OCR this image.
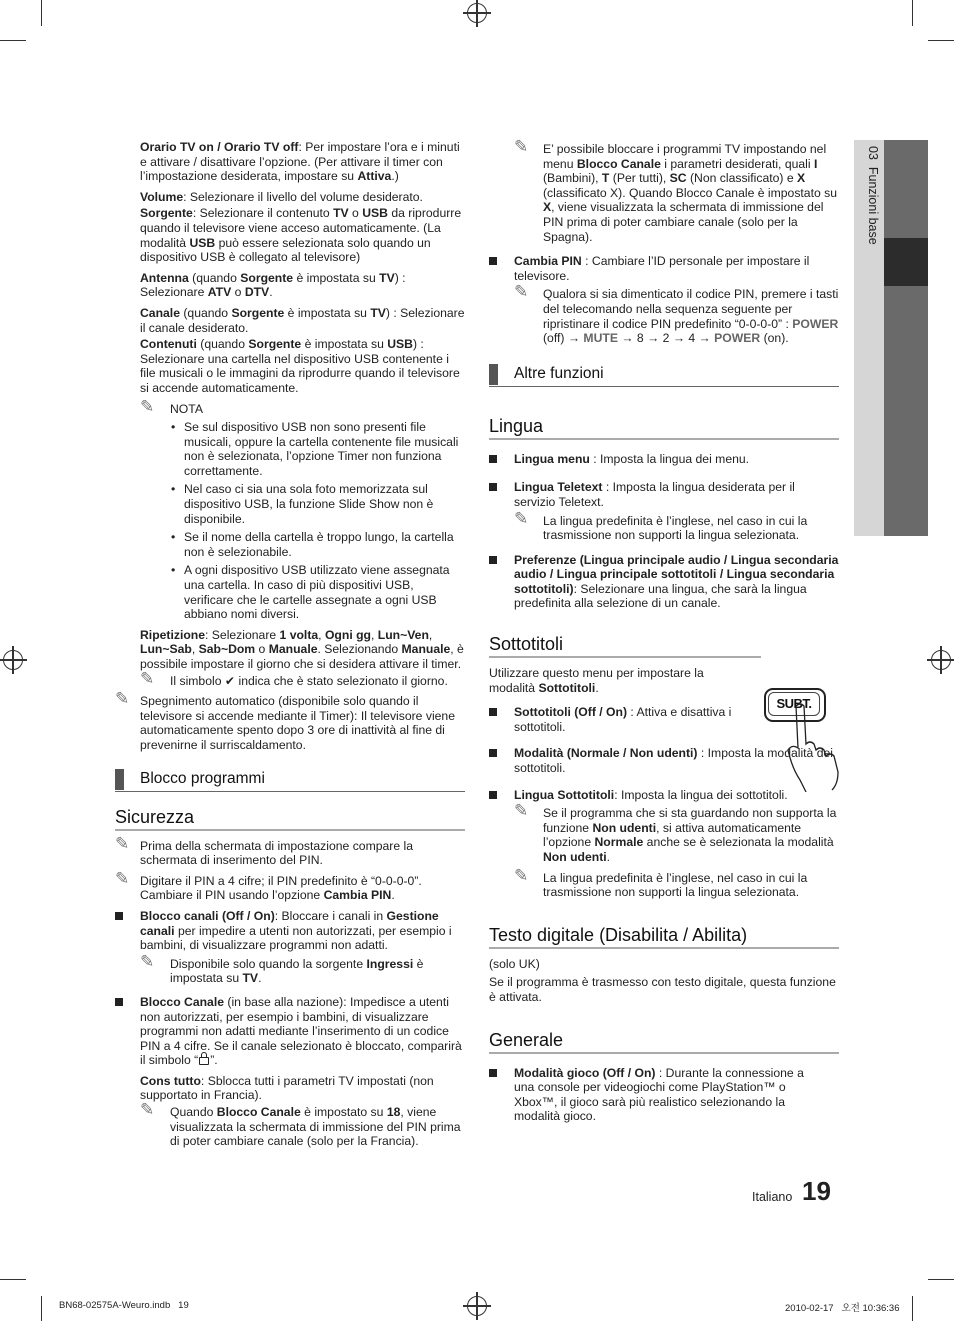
03  Funzioni base

Orario TV on / Orario TV off: Per impostare l’ora e i minuti e attivare / disattivare l’opzione. (Per attivare il timer con l’impostazione desiderata, impostare su Attiva.)

Volume: Selezionare il livello del volume desiderato.

Sorgente: Selezionare il contenuto TV o USB da riprodurre quando il televisore viene acceso automaticamente. (La modalità USB può essere selezionata solo quando un dispositivo USB è collegato al televisore)

Antenna (quando Sorgente è impostata su TV) : Selezionare ATV o DTV.

Canale (quando Sorgente è impostata su TV) : Selezionare il canale desiderato.

Contenuti (quando Sorgente è impostata su USB) : Selezionare una cartella nel dispositivo USB contenente i file musicali o le immagini da riprodurre quando il televisore si accende automaticamente.

✎ NOTA
• Se sul dispositivo USB non sono presenti file musicali, oppure la cartella contenente file musicali non è selezionata, l’opzione Timer non funziona correttamente.
• Nel caso ci sia una sola foto memorizzata sul dispositivo USB, la funzione Slide Show non è disponibile.
• Se il nome della cartella è troppo lungo, la cartella non è selezionabile.
• A ogni dispositivo USB utilizzato viene assegnata una cartella. In caso di più dispositivi USB, verificare che le cartelle assegnate a ogni USB abbiano nomi diversi.

Ripetizione: Selezionare 1 volta, Ogni gg, Lun~Ven, Lun~Sab, Sab~Dom o Manuale. Selezionando Manuale, è possibile impostare il giorno che si desidera attivare il timer.

✎ Il simbolo ✔ indica che è stato selezionato il giorno.
✎ Spegnimento automatico (disponibile solo quando il televisore si accende mediante il Timer): Il televisore viene automaticamente spento dopo 3 ore di inattività al fine di prevenirne il surriscaldamento.
Blocco programmi
Sicurezza
✎ Prima della schermata di impostazione compare la schermata di inserimento del PIN.
✎ Digitare il PIN a 4 cifre; il PIN predefinito è “0-0-0-0”. Cambiare il PIN usando l’opzione Cambia PIN.
Blocco canali (Off / On): Bloccare i canali in Gestione canali per impedire a utenti non autorizzati, per esempio i bambini, di visualizzare programmi non adatti.
✎ Disponibile solo quando la sorgente Ingressi è impostata su TV.

Blocco Canale (in base alla nazione): Impedisce a utenti non autorizzati, per esempio i bambini, di visualizzare programmi non adatti mediante l’inserimento di un codice PIN a 4 cifre. Se il canale selezionato è bloccato, comparirà il simbolo “ ”.

Cons tutto: Sblocca tutti i parametri TV impostati (non supportato in Francia).

✎ Quando Blocco Canale è impostato su 18, viene visualizzata la schermata di immissione del PIN prima di poter cambiare canale (solo per la Francia).
✎ E’ possibile bloccare i programmi TV impostando nel menu Blocco Canale i parametri desiderati, quali I (Bambini), T (Per tutti), SC (Non classificato) e X (classificato X). Quando Blocco Canale è impostato su X, viene visualizzata la schermata di immissione del PIN prima di poter cambiare canale (solo per la Spagna).
Cambia PIN : Cambiare l’ID personale per impostare il televisore.
✎ Qualora si sia dimenticato il codice PIN, premere i tasti del telecomando nella sequenza seguente per ripristinare il codice PIN predefinito “0-0-0-0” : POWER (off) → MUTE → 8 → 2 → 4 → POWER (on).
Altre funzioni
Lingua
Lingua menu : Imposta la lingua dei menu.
Lingua Teletext : Imposta la lingua desiderata per il servizio Teletext.
✎ La lingua predefinita è l’inglese, nel caso in cui la trasmissione non supporti la lingua selezionata.
Preferenze (Lingua principale audio / Lingua secondaria audio / Lingua principale sottotitoli / Lingua secondaria sottotitoli): Selezionare una lingua, che sarà la lingua predefinita alla selezione di un canale.
Sottotitoli

Utilizzare questo menu per impostare la modalità Sottotitoli.

Sottotitoli (Off / On) : Attiva e disattiva i sottotitoli.
Modalità (Normale / Non udenti) : Imposta la modalità dei sottotitoli.
Lingua Sottotitoli: Imposta la lingua dei sottotitoli.
✎ Se il programma che si sta guardando non supporta la funzione Non udenti, si attiva automaticamente l’opzione Normale anche se è selezionata la modalità Non udenti.
✎ La lingua predefinita è l’inglese, nel caso in cui la trasmissione non supporti la lingua selezionata.
Testo digitale (Disabilita / Abilita)

(solo UK)

Se il programma è trasmesso con testo digitale, questa funzione è attivata.

Generale
Modalità gioco (Off / On) : Durante la connessione a una console per videogiochi come PlayStation™ o Xbox™, il gioco sarà più realistico selezionando la modalità gioco.
SUBT.
Italiano 19
BN68-02575A-Weuro.indb   19	2010-02-17   오전 10:36:36
